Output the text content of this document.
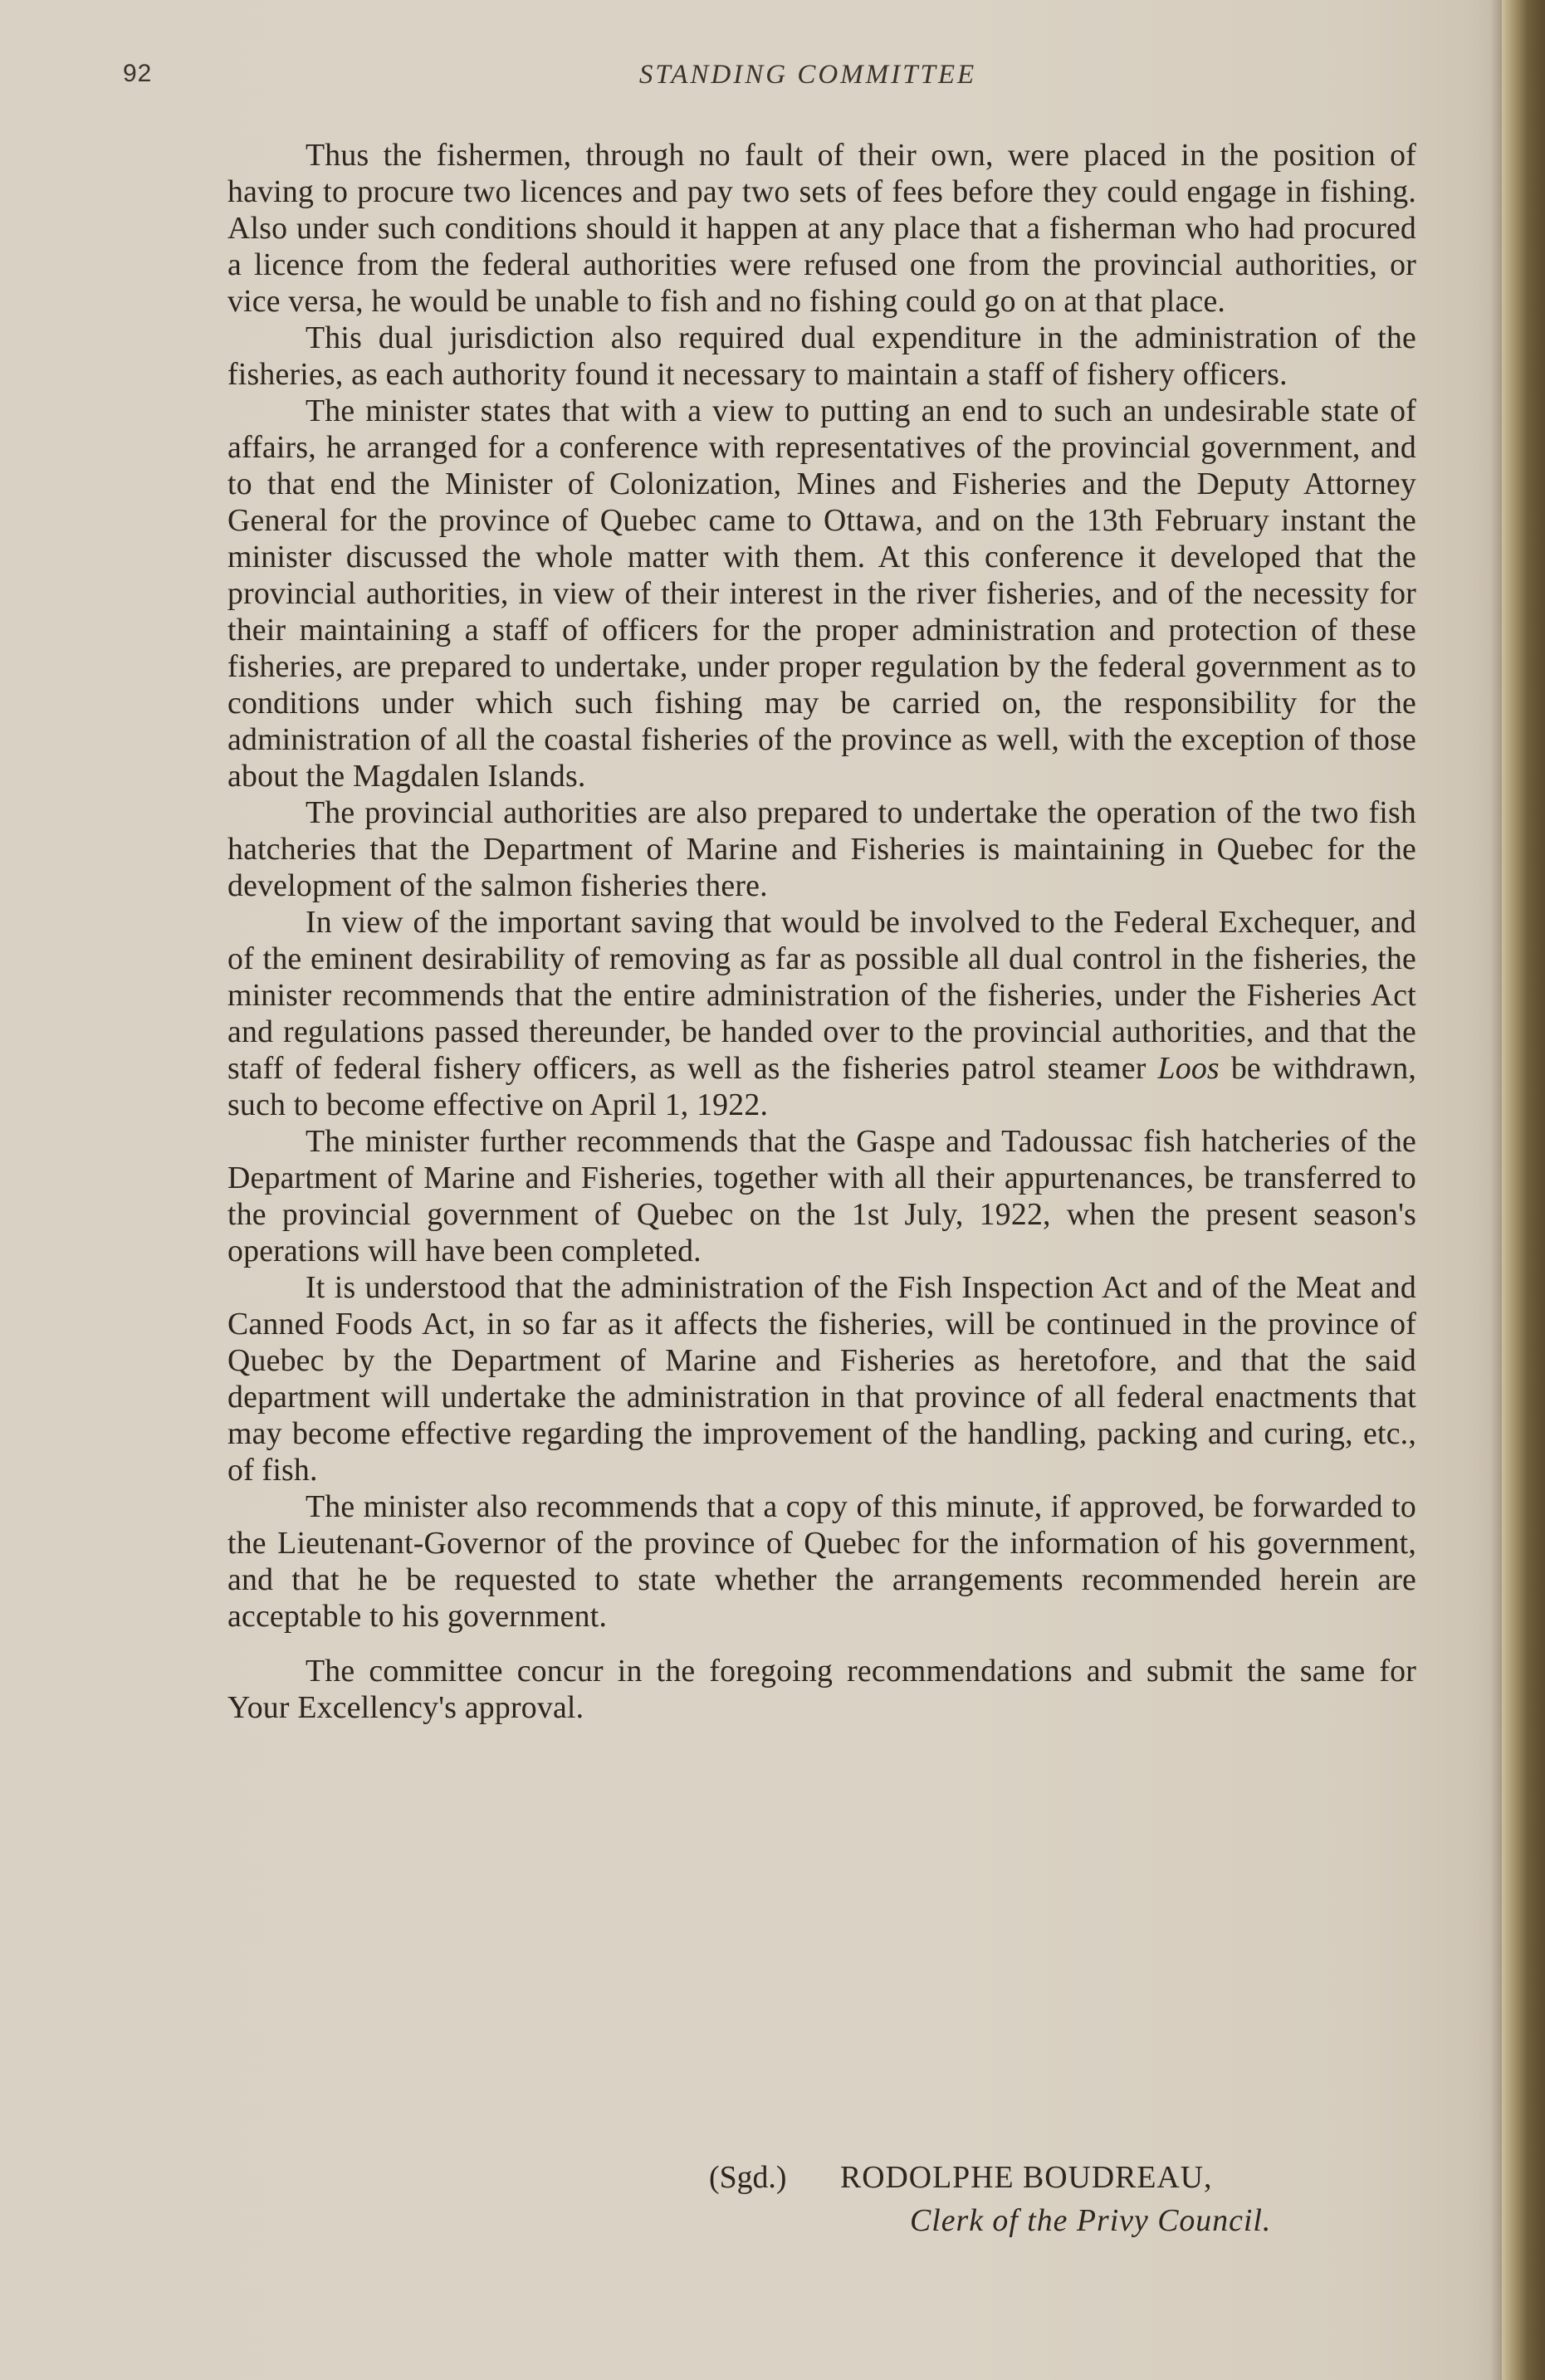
92	STANDING COMMITTEE

Thus the fishermen, through no fault of their own, were placed in the position of having to procure two licences and pay two sets of fees before they could engage in fishing. Also under such conditions should it happen at any place that a fisherman who had procured a licence from the federal authorities were refused one from the provincial authorities, or vice versa, he would be unable to fish and no fishing could go on at that place.

This dual jurisdiction also required dual expenditure in the administration of the fisheries, as each authority found it necessary to maintain a staff of fishery officers.

The minister states that with a view to putting an end to such an undesirable state of affairs, he arranged for a conference with representatives of the provincial government, and to that end the Minister of Colonization, Mines and Fisheries and the Deputy Attorney General for the province of Quebec came to Ottawa, and on the 13th February instant the minister discussed the whole matter with them. At this conference it developed that the provincial authorities, in view of their interest in the river fisheries, and of the necessity for their maintaining a staff of officers for the proper administration and protection of these fisheries, are prepared to undertake, under proper regulation by the federal government as to conditions under which such fishing may be carried on, the responsibility for the administration of all the coastal fisheries of the province as well, with the exception of those about the Magdalen Islands.

The provincial authorities are also prepared to undertake the operation of the two fish hatcheries that the Department of Marine and Fisheries is maintaining in Quebec for the development of the salmon fisheries there.

In view of the important saving that would be involved to the Federal Exchequer, and of the eminent desirability of removing as far as possible all dual control in the fisheries, the minister recommends that the entire administration of the fisheries, under the Fisheries Act and regulations passed thereunder, be handed over to the provincial authorities, and that the staff of federal fishery officers, as well as the fisheries patrol steamer Loos be withdrawn, such to become effective on April 1, 1922.

The minister further recommends that the Gaspe and Tadoussac fish hatcheries of the Department of Marine and Fisheries, together with all their appurtenances, be transferred to the provincial government of Quebec on the 1st July, 1922, when the present season's operations will have been completed.

It is understood that the administration of the Fish Inspection Act and of the Meat and Canned Foods Act, in so far as it affects the fisheries, will be continued in the province of Quebec by the Department of Marine and Fisheries as heretofore, and that the said department will undertake the administration in that province of all federal enactments that may become effective regarding the improvement of the handling, packing and curing, etc., of fish.

The minister also recommends that a copy of this minute, if approved, be forwarded to the Lieutenant-Governor of the province of Quebec for the information of his government, and that he be requested to state whether the arrangements recommended herein are acceptable to his government.

The committee concur in the foregoing recommendations and submit the same for Your Excellency's approval.

(Sgd.) RODOLPHE BOUDREAU,
Clerk of the Privy Council.
